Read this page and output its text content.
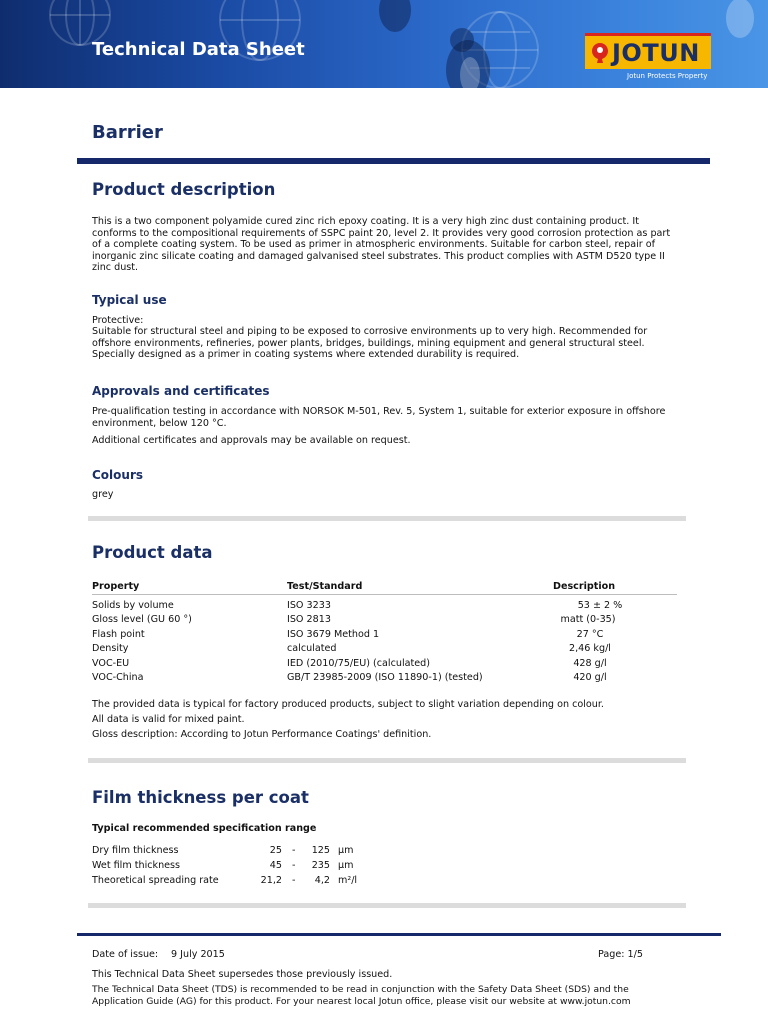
Technical Data Sheet	JOTUN
Jotun Protects Property
Barrier
Product description

This is a two component polyamide cured zinc rich epoxy coating. It is a very high zinc dust containing product. It conforms to the compositional requirements of SSPC paint 20, level 2. It provides very good corrosion protection as part of a complete coating system. To be used as primer in atmospheric environments. Suitable for carbon steel, repair of inorganic zinc silicate coating and damaged galvanised steel substrates. This product complies with ASTM D520 type II zinc dust.

Typical use

Protective:

Suitable for structural steel and piping to be exposed to corrosive environments up to very high. Recommended for offshore environments, refineries, power plants, bridges, buildings, mining equipment and general structural steel. Specially designed as a primer in coating systems where extended durability is required.

Approvals and certificates

Pre-qualification testing in accordance with NORSOK M-501, Rev. 5, System 1, suitable for exterior exposure in offshore environment, below 120 °C.

Additional certificates and approvals may be available on request.

Colours

grey

Product data

Property	Test/Standard	Description

Solids by volume	ISO 3233	53 ± 2 %

Gloss level (GU 60 °)	ISO 2813	matt (0-35)

Flash point	ISO 3679 Method 1	27 °C

Density	calculated	2,46 kg/l

VOC-EU	IED (2010/75/EU) (calculated)	428 g/l

VOC-China	GB/T 23985-2009 (ISO 11890-1) (tested)	420 g/l

The provided data is typical for factory produced products, subject to slight variation depending on colour.

All data is valid for mixed paint.

Gloss description: According to Jotun Performance Coatings' definition.

Film thickness per coat

Typical recommended specification range

Dry film thickness	25 -	125 µm

Wet film thickness	45 -	235 µm

Theoretical spreading rate	21,2 -	4,2 m²/l

Date of issue: 9 July 2015	Page: 1/5

This Technical Data Sheet supersedes those previously issued.

The Technical Data Sheet (TDS) is recommended to be read in conjunction with the Safety Data Sheet (SDS) and the Application Guide (AG) for this product. For your nearest local Jotun office, please visit our website at www.jotun.com
